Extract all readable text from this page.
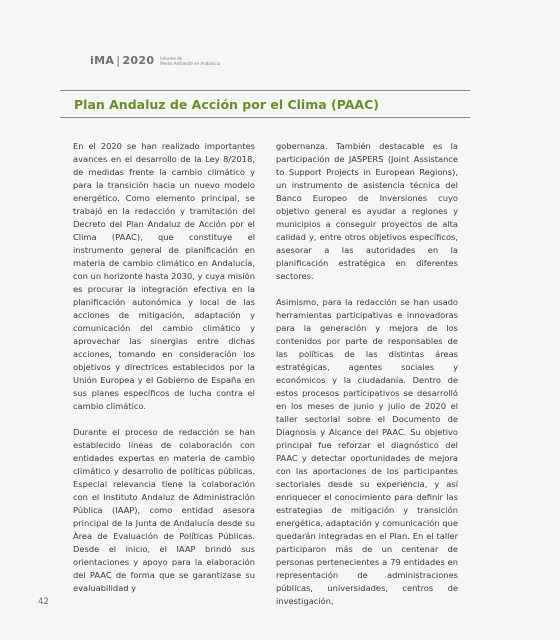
iMA | 2020 Informe de
Medio Ambiente en Andalucía
Plan Andaluz de Acción por el Clima (PAAC)

En el 2020 se han realizado importantes avances en el desarrollo de la Ley 8/2018, de medidas frente la cambio climático y para la transición hacia un nuevo modelo energético. Como elemento principal, se trabajó en la redacción y tramitación del Decreto del Plan Andaluz de Acción por el Clima (PAAC), que constituye el instrumento general de planificación en materia de cambio climático en Andalucía, con un horizonte hasta 2030, y cuya misión es procurar la integración efectiva en la planificación autonómica y local de las acciones de mitigación, adaptación y comunicación del cambio climático y aprovechar las sinergias entre dichas acciones, tomando en consideración los objetivos y directrices establecidos por la Unión Europea y el Gobierno de España en sus planes específicos de lucha contra el cambio climático.

Durante el proceso de redacción se han establecido líneas de colaboración con entidades expertas en materia de cambio climático y desarrollo de políticas públicas. Especial relevancia tiene la colaboración con el Instituto Andaluz de Administración Pública (IAAP), como entidad asesora principal de la Junta de Andalucía desde su Área de Evaluación de Políticas Públicas. Desde el inicio, el IAAP brindó sus orientaciones y apoyo para la elaboración del PAAC de forma que se garantizase su evaluabilidad y

gobernanza. También destacable es la participación de JASPERS (Joint Assistance to Support Projects in European Regions), un instrumento de asistencia técnica del Banco Europeo de Inversiones cuyo objetivo general es ayudar a regiones y municipios a conseguir proyectos de alta calidad y, entre otros objetivos específicos, asesorar a las autoridades en la planificación estratégica en diferentes sectores.

Asimismo, para la redacción se han usado herramientas participativas e innovadoras para la generación y mejora de los contenidos por parte de responsables de las políticas de las distintas áreas estratégicas, agentes sociales y económicos y la ciudadanía. Dentro de estos procesos participativos se desarrolló en los meses de junio y julio de 2020 el taller sectorial sobre el Documento de Diagnosis y Alcance del PAAC. Su objetivo principal fue reforzar el diagnóstico del PAAC y detectar oportunidades de mejora con las aportaciones de los participantes sectoriales desde su experiencia, y así enriquecer el conocimiento para definir las estrategias de mitigación y transición energética, adaptación y comunicación que quedarán integradas en el Plan. En el taller participaron más de un centenar de personas pertenecientes a 79 entidades en representación de administraciones públicas, universidades, centros de investigación,

42
